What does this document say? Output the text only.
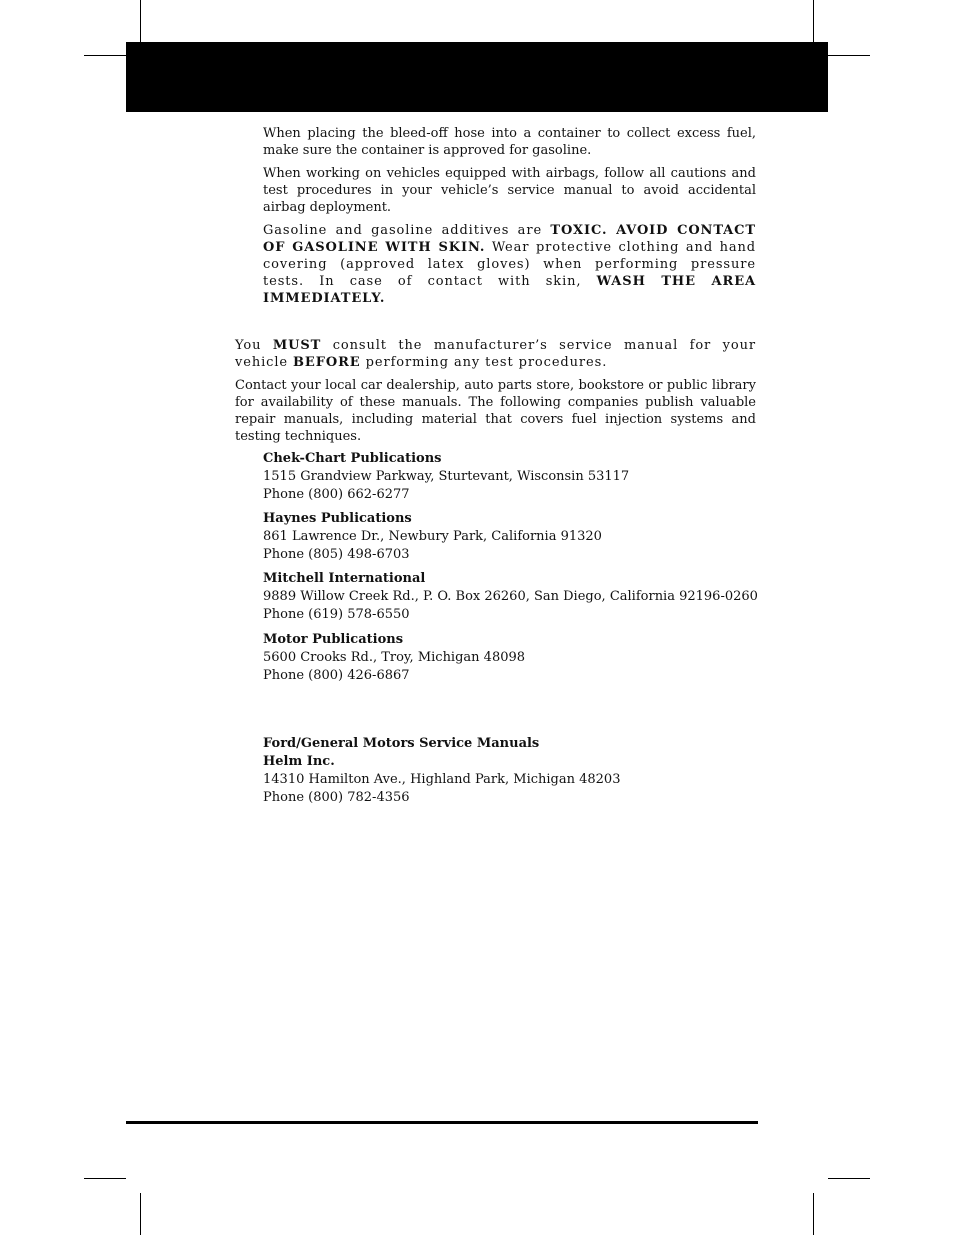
When placing the bleed-off hose into a container to collect excess fuel, make sure the container is approved for gasoline.

When working on vehicles equipped with airbags, follow all cautions and test procedures in your vehicle’s service manual to avoid accidental airbag deployment.

Gasoline and gasoline additives are TOXIC. AVOID CONTACT OF GASOLINE WITH SKIN. Wear protective clothing and hand covering (approved latex gloves) when performing pressure tests. In case of contact with skin, WASH THE AREA IMMEDIATELY.

You MUST consult the manufacturer’s service manual for your vehicle BEFORE performing any test procedures.

Contact your local car dealership, auto parts store, bookstore or public library for availability of these manuals. The following companies publish valuable repair manuals, including material that covers fuel injection systems and testing techniques.

Chek-Chart Publications
1515 Grandview Parkway, Sturtevant, Wisconsin 53117
Phone (800) 662-6277
Haynes Publications
861 Lawrence Dr., Newbury Park, California 91320
Phone (805) 498-6703
Mitchell International
9889 Willow Creek Rd., P. O. Box 26260, San Diego, California 92196-0260
Phone (619) 578-6550
Motor Publications
5600 Crooks Rd., Troy, Michigan 48098
Phone (800) 426-6867
Ford/General Motors Service Manuals
Helm Inc.
14310 Hamilton Ave., Highland Park, Michigan 48203
Phone (800) 782-4356
